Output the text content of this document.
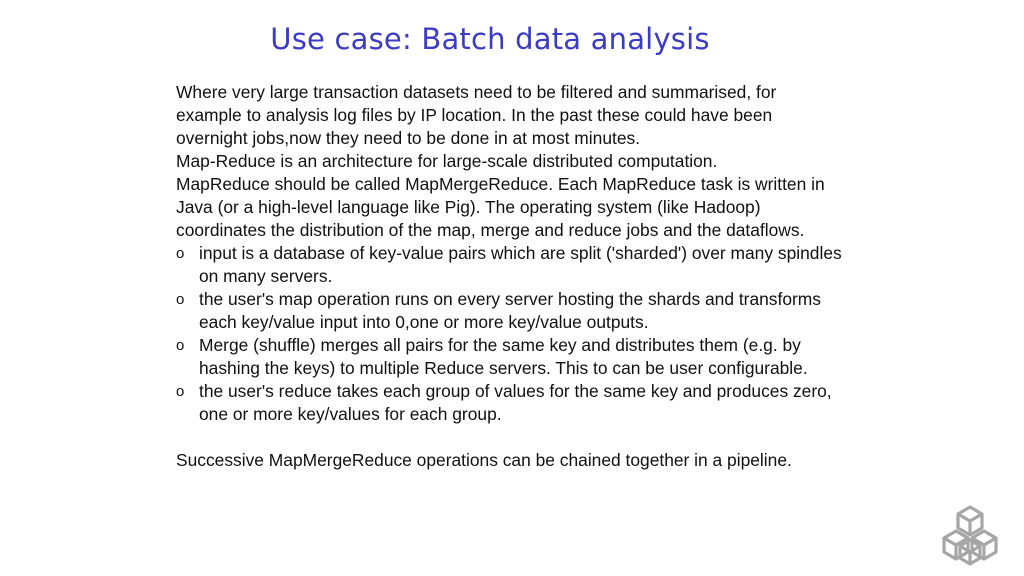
Use case: Batch data analysis

Where very large transaction datasets need to be filtered and summarised, for example to analysis log files by IP location. In the past these could have been overnight jobs,now they need to be done in at most minutes.

Map-Reduce is an architecture for large-scale distributed computation.

MapReduce should be called MapMergeReduce. Each MapReduce task is written in Java (or a high-level language like Pig). The operating system (like Hadoop) coordinates the distribution of the map, merge and reduce jobs and the dataflows.

o input is a database of key-value pairs which are split ('sharded') over many spindles on many servers.
o the user's map operation runs on every server hosting the shards and transforms each key/value input into 0,one or more key/value outputs.
o Merge (shuffle) merges all pairs for the same key and distributes them (e.g. by hashing the keys) to multiple Reduce servers. This to can be user configurable.
o the user's reduce takes each group of values for the same key and produces zero, one or more key/values for each group.

Successive MapMergeReduce operations can be chained together in a pipeline.
